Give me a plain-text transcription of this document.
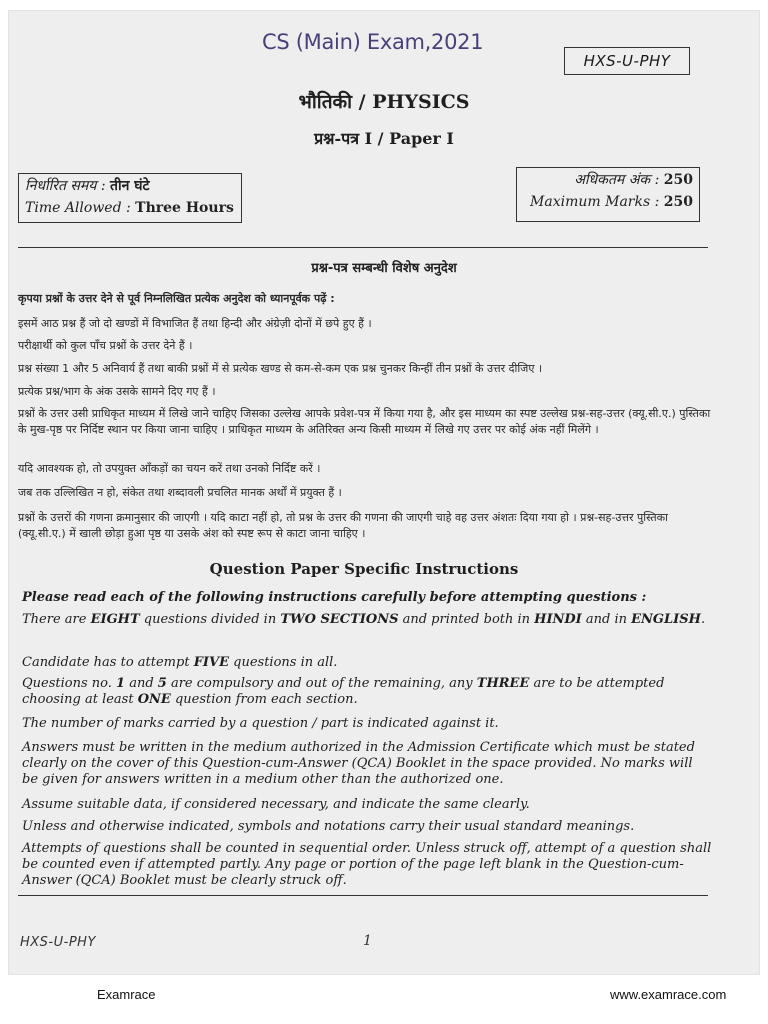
CS (Main) Exam,2021
HXS-U-PHY
भौतिकी / PHYSICS
प्रश्न-पत्र I / Paper I
निर्धारित समय : तीन घंटे
Time Allowed : Three Hours
अधिकतम अंक : 250
Maximum Marks : 250
प्रश्न-पत्र सम्बन्धी विशेष अनुदेश
कृपया प्रश्नों के उत्तर देने से पूर्व निम्नलिखित प्रत्येक अनुदेश को ध्यानपूर्वक पढ़ें :
इसमें आठ प्रश्न हैं जो दो खण्डों में विभाजित हैं तथा हिन्दी और अंग्रेज़ी दोनों में छपे हुए हैं ।
परीक्षार्थी को कुल पाँच प्रश्नों के उत्तर देने हैं ।
प्रश्न संख्या 1 और 5 अनिवार्य हैं तथा बाकी प्रश्नों में से प्रत्येक खण्ड से कम-से-कम एक प्रश्न चुनकर किन्हीं तीन प्रश्नों के उत्तर दीजिए ।
प्रत्येक प्रश्न/भाग के अंक उसके सामने दिए गए हैं ।
प्रश्नों के उत्तर उसी प्राधिकृत माध्यम में लिखे जाने चाहिए जिसका उल्लेख आपके प्रवेश-पत्र में किया गया है, और इस माध्यम का स्पष्ट उल्लेख प्रश्न-सह-उत्तर (क्यू.सी.ए.) पुस्तिका के मुख-पृष्ठ पर निर्दिष्ट स्थान पर किया जाना चाहिए । प्राधिकृत माध्यम के अतिरिक्त अन्य किसी माध्यम में लिखे गए उत्तर पर कोई अंक नहीं मिलेंगे ।
यदि आवश्यक हो, तो उपयुक्त आँकड़ों का चयन करें तथा उनको निर्दिष्ट करें ।
जब तक उल्लिखित न हो, संकेत तथा शब्दावली प्रचलित मानक अर्थों में प्रयुक्त हैं ।
प्रश्नों के उत्तरों की गणना क्रमानुसार की जाएगी । यदि काटा नहीं हो, तो प्रश्न के उत्तर की गणना की जाएगी चाहे वह उत्तर अंशतः दिया गया हो । प्रश्न-सह-उत्तर पुस्तिका (क्यू.सी.ए.) में खाली छोड़ा हुआ पृष्ठ या उसके अंश को स्पष्ट रूप से काटा जाना चाहिए ।
Question Paper Specific Instructions
Please read each of the following instructions carefully before attempting questions :
There are EIGHT questions divided in TWO SECTIONS and printed both in HINDI and in ENGLISH.
Candidate has to attempt FIVE questions in all.
Questions no. 1 and 5 are compulsory and out of the remaining, any THREE are to be attempted choosing at least ONE question from each section.
The number of marks carried by a question / part is indicated against it.
Answers must be written in the medium authorized in the Admission Certificate which must be stated clearly on the cover of this Question-cum-Answer (QCA) Booklet in the space provided. No marks will be given for answers written in a medium other than the authorized one.
Assume suitable data, if considered necessary, and indicate the same clearly.
Unless and otherwise indicated, symbols and notations carry their usual standard meanings.
Attempts of questions shall be counted in sequential order. Unless struck off, attempt of a question shall be counted even if attempted partly. Any page or portion of the page left blank in the Question-cum-Answer (QCA) Booklet must be clearly struck off.
HXS-U-PHY	1
Examrace	www.examrace.com
